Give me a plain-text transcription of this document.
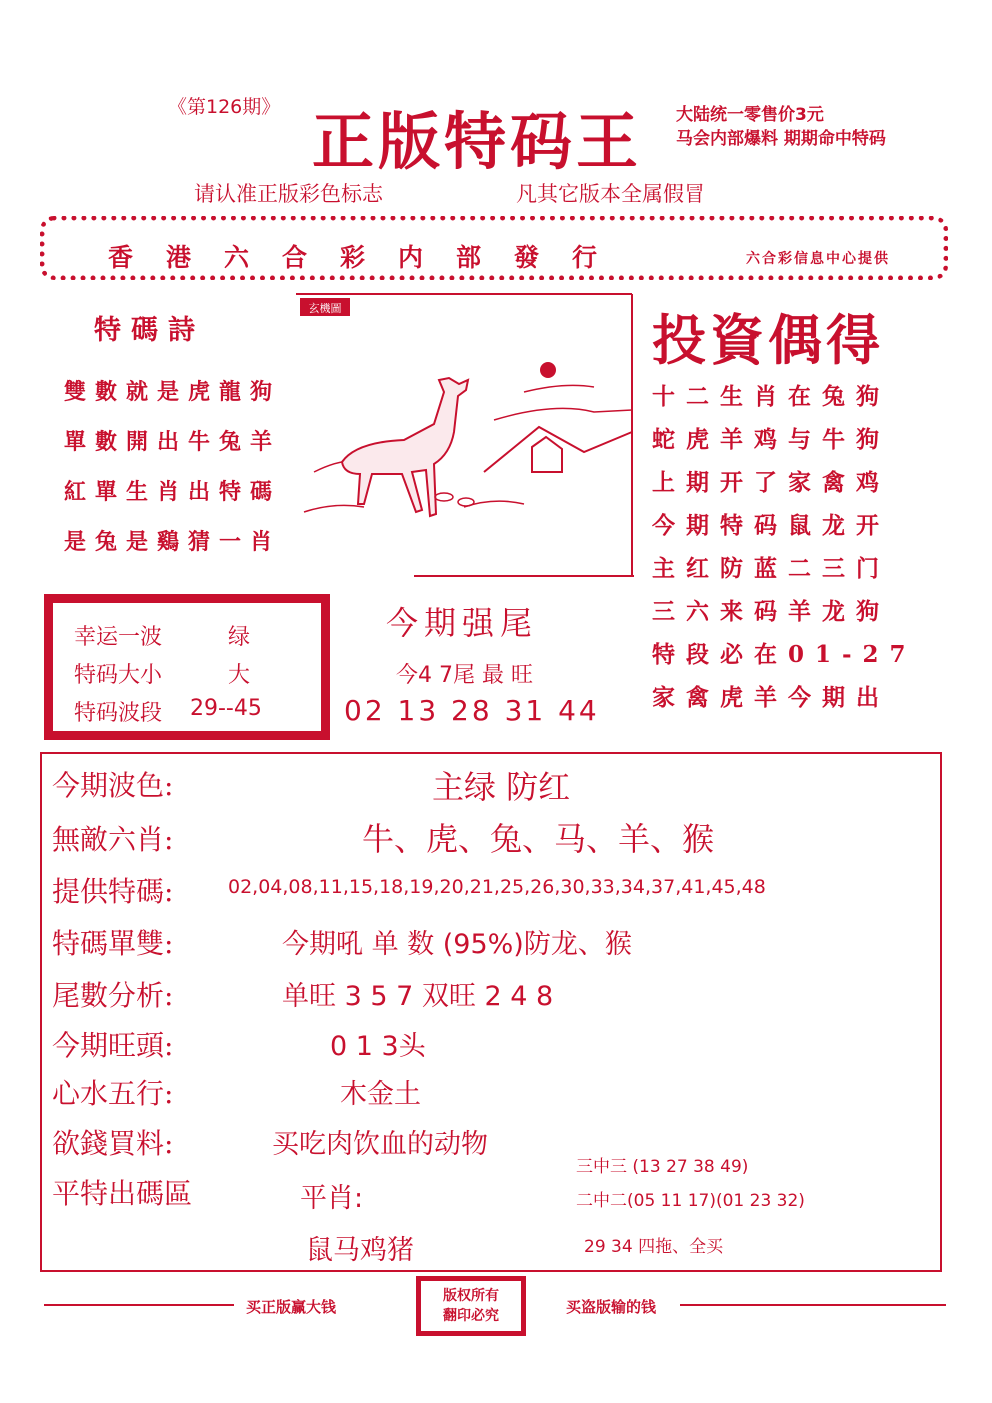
《第126期》 正版特码王 大陆统一零售价3元
马会内部爆料 期期命中特码
请认准正版彩色标志	凡其它版本全属假冒
香港六合彩内部發行	六合彩信息中心提供
特碼詩
雙數就是虎龍狗
單數開出牛兔羊
紅單生肖出特碼
是兔是鷄猜一肖
玄機圖	投資偶得
十二生肖在兔狗
蛇虎羊鸡与牛狗
上期开了家禽鸡
今期特码鼠龙开
主红防蓝二三门
三六来码羊龙狗
特段必在01-27
家禽虎羊今期出
幸运一波	绿
特码大小	大
特码波段 29--45
今期强尾
今4 7尾 最 旺
02 13 28 31 44
今期波色:	主绿 防红
無敵六肖:	牛、虎、兔、马、羊、猴
提供特碼:	02,04,08,11,15,18,19,20,21,25,26,30,33,34,37,41,45,48
特碼單雙:	今期吼 单 数 (95%)防龙、猴
尾數分析:	单旺 3 5 7 双旺 2 4 8
今期旺頭:	0 1 3头
心水五行:	木金土
欲錢買料:	买吃肉饮血的动物
平特出碼區	平肖:
鼠马鸡猪
三中三 (13 27 38 49)
二中二(05 11 17)(01 23 32)
29 34 四拖、全买
买正版赢大钱
版权所有
翻印必究	买盗版输的钱
